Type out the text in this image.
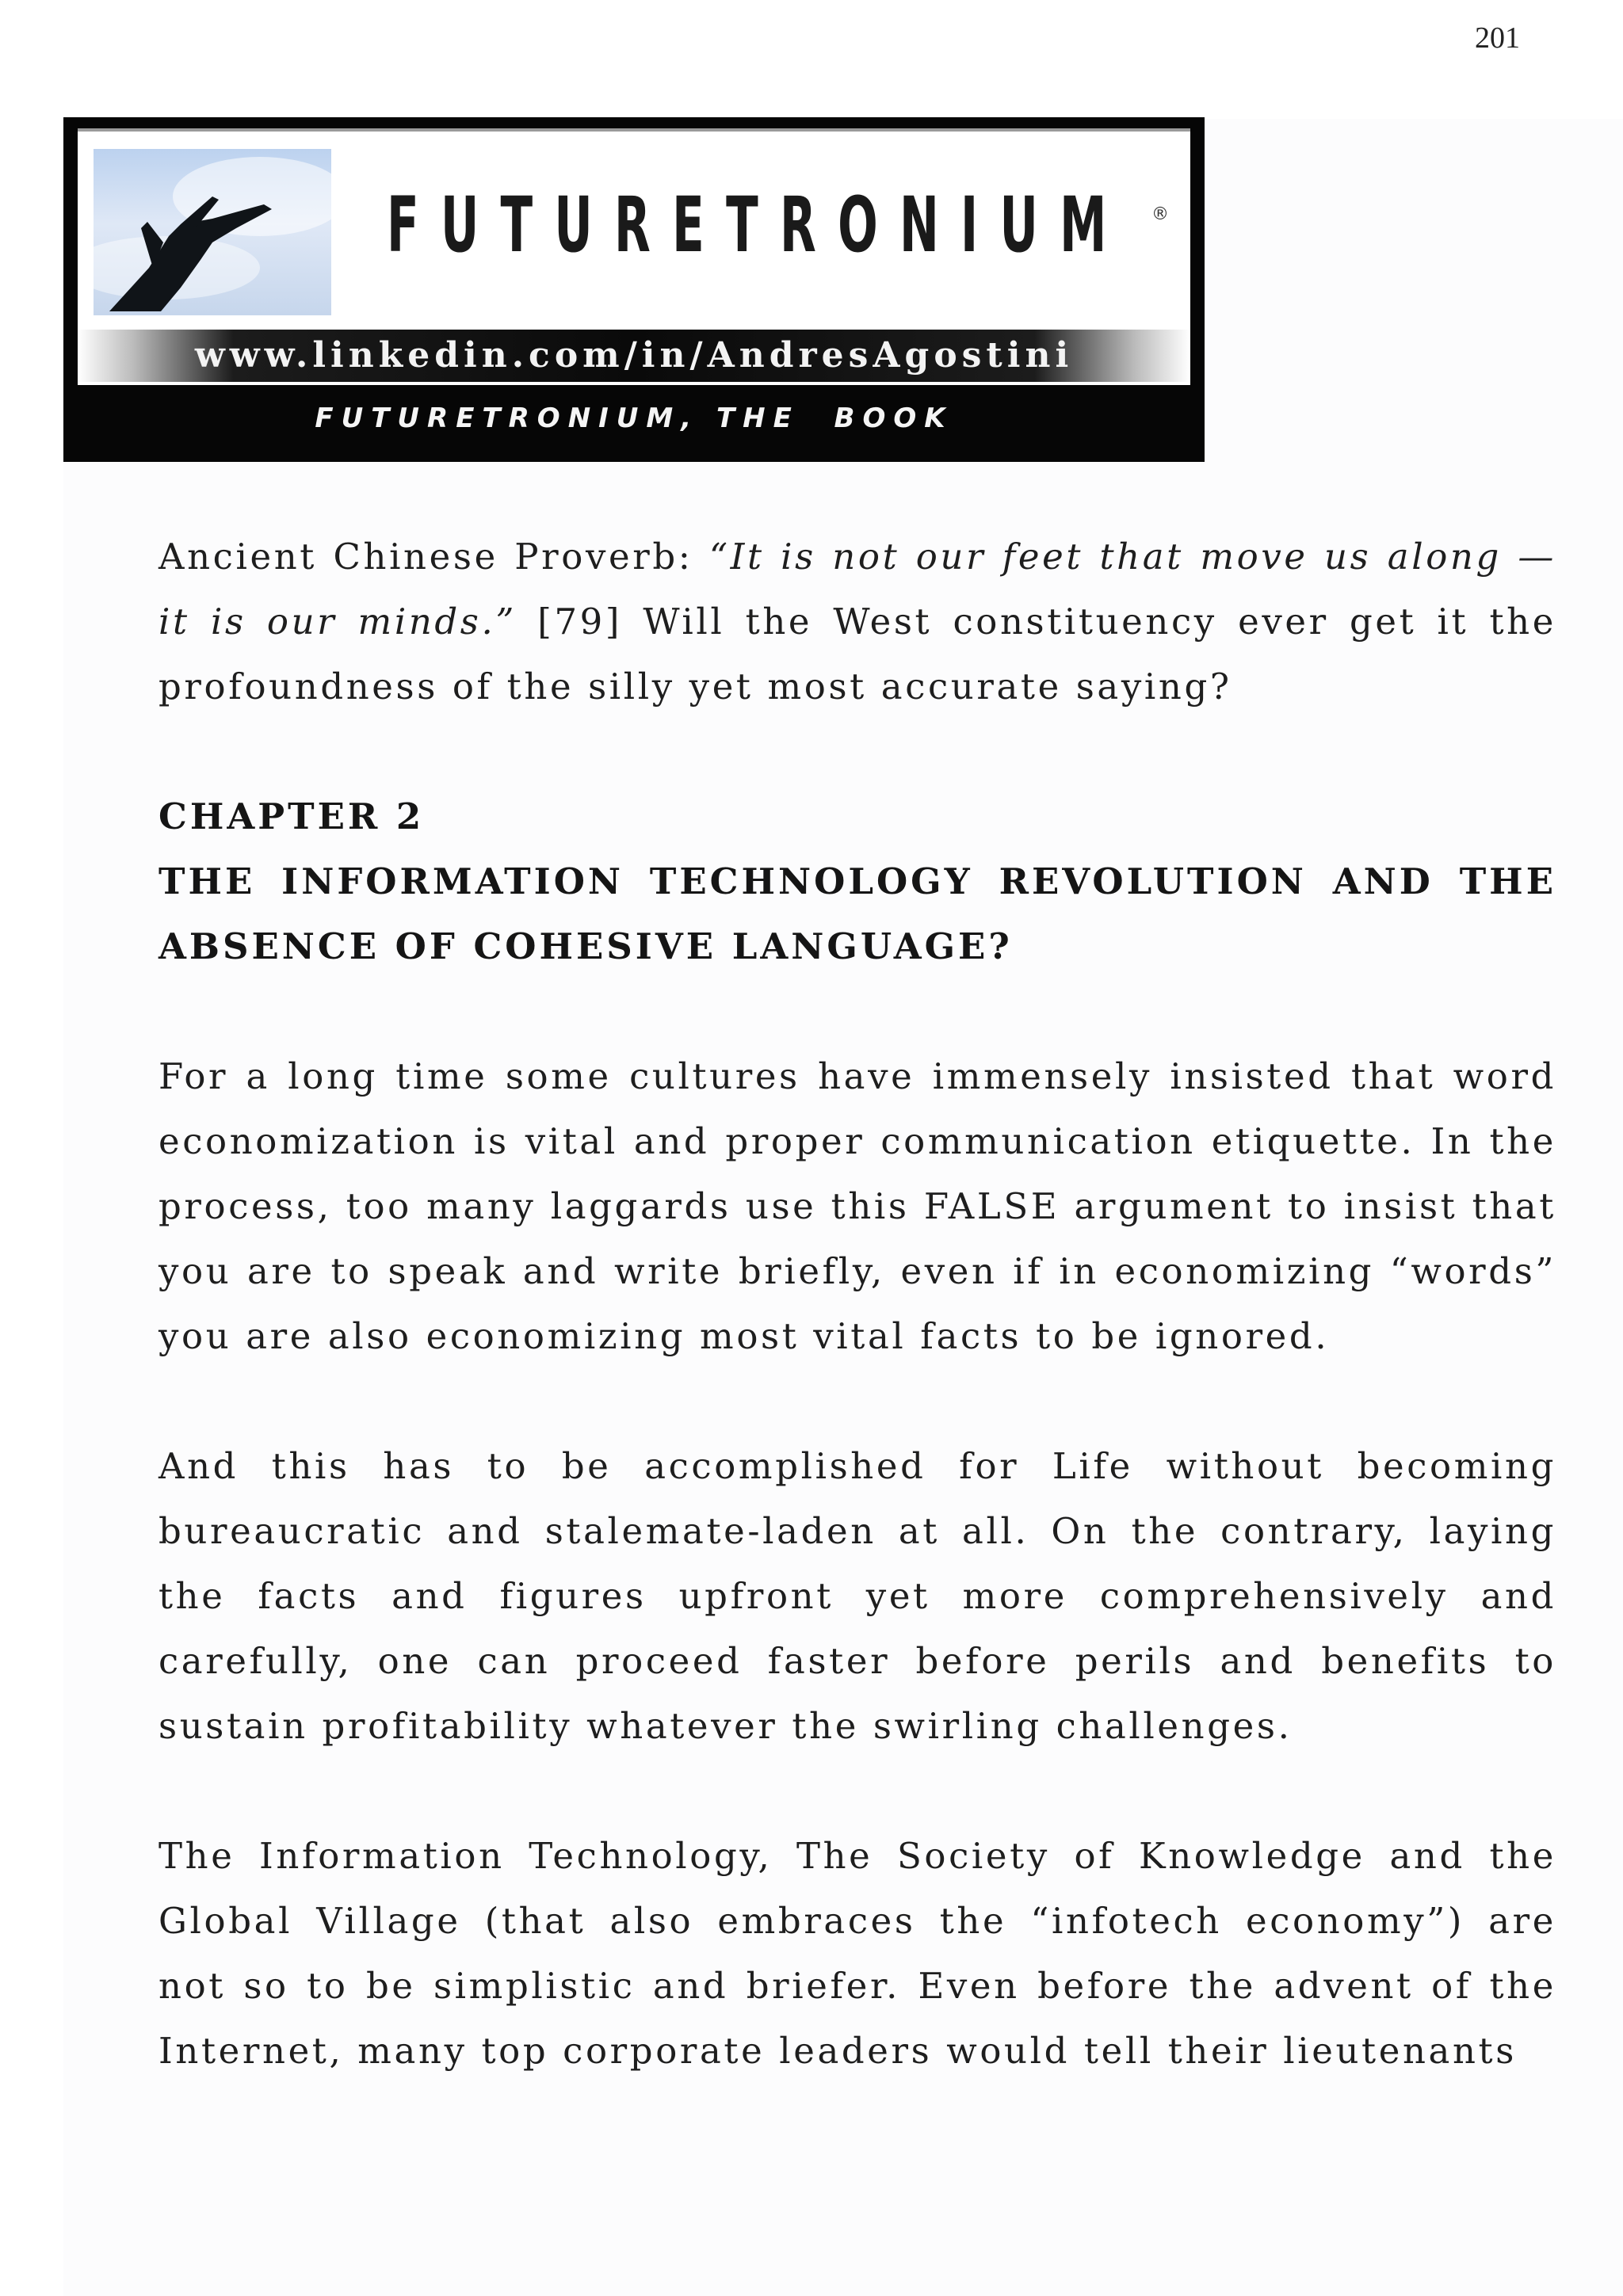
201
FUTURETRONIUM ®
www.linkedin.com/in/AndresAgostini
FUTURETRONIUM, THE  BOOK

Ancient Chinese Proverb: “It is not our feet that move us along — it is our minds.” [79] Will the West constituency ever get it the profoundness of the silly yet most accurate saying?

CHAPTER 2
THE INFORMATION TECHNOLOGY REVOLUTION AND THE ABSENCE OF COHESIVE LANGUAGE?

For a long time some cultures have immensely insisted that word economization is vital and proper communication etiquette. In the process, too many laggards use this FALSE argument to insist that you are to speak and write briefly, even if in economizing “words” you are also economizing most vital facts to be ignored.

And this has to be accomplished for Life without becoming bureaucratic and stalemate-laden at all. On the contrary, laying the facts and figures upfront yet more comprehensively and carefully, one can proceed faster before perils and benefits to sustain profitability whatever the swirling challenges.

The Information Technology, The Society of Knowledge and the Global Village (that also embraces the “infotech economy”) are not so to be simplistic and briefer. Even before the advent of the Internet, many top corporate leaders would tell their lieutenants
